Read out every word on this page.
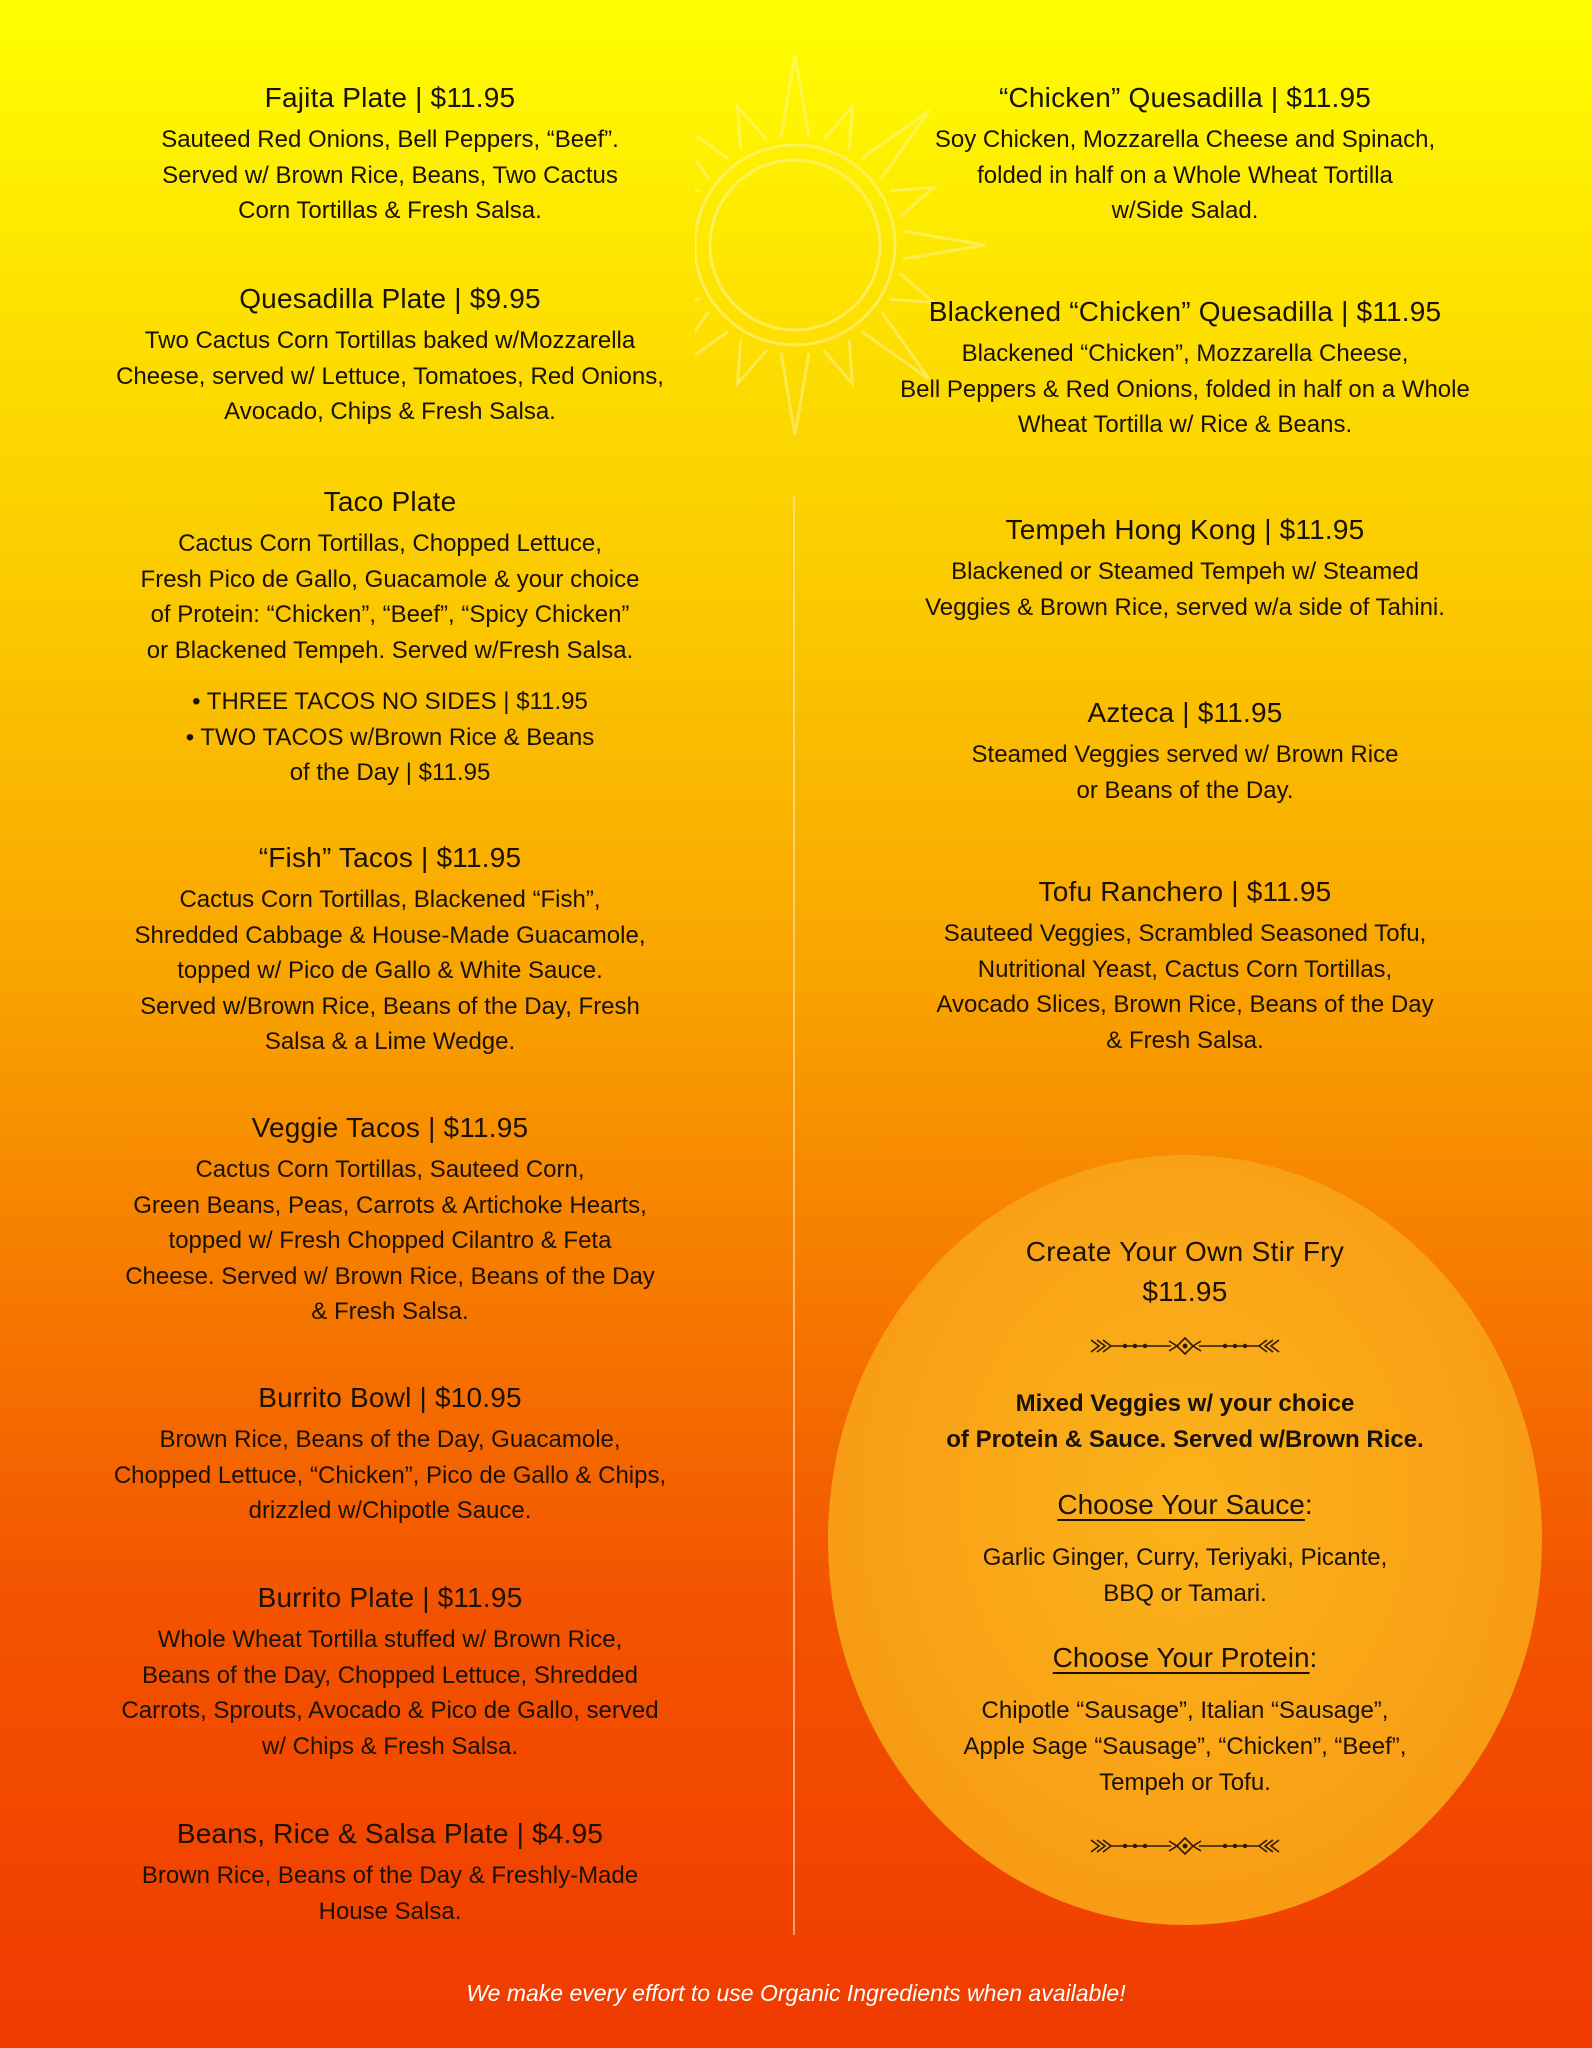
Fajita Plate | $11.95
Sauteed Red Onions, Bell Peppers, “Beef”.
Served w/ Brown Rice, Beans, Two Cactus
Corn Tortillas & Fresh Salsa.
Quesadilla Plate | $9.95
Two Cactus Corn Tortillas baked w/Mozzarella
Cheese, served w/ Lettuce, Tomatoes, Red Onions,
Avocado, Chips & Fresh Salsa.
Taco Plate
Cactus Corn Tortillas, Chopped Lettuce,
Fresh Pico de Gallo, Guacamole & your choice
of Protein: “Chicken”, “Beef”, “Spicy Chicken”
or Blackened Tempeh. Served w/Fresh Salsa.
• THREE TACOS NO SIDES | $11.95
• TWO TACOS w/Brown Rice & Beans
of the Day | $11.95
“Fish” Tacos | $11.95
Cactus Corn Tortillas, Blackened “Fish”,
Shredded Cabbage & House-Made Guacamole,
topped w/ Pico de Gallo & White Sauce.
Served w/Brown Rice, Beans of the Day, Fresh
Salsa & a Lime Wedge.
Veggie Tacos | $11.95
Cactus Corn Tortillas, Sauteed Corn,
Green Beans, Peas, Carrots & Artichoke Hearts,
topped w/ Fresh Chopped Cilantro & Feta
Cheese. Served w/ Brown Rice, Beans of the Day
& Fresh Salsa.
Burrito Bowl | $10.95
Brown Rice, Beans of the Day, Guacamole,
Chopped Lettuce, “Chicken”, Pico de Gallo & Chips,
drizzled w/Chipotle Sauce.
Burrito Plate | $11.95
Whole Wheat Tortilla stuffed w/ Brown Rice,
Beans of the Day, Chopped Lettuce, Shredded
Carrots, Sprouts, Avocado & Pico de Gallo, served
w/ Chips & Fresh Salsa.
Beans, Rice & Salsa Plate | $4.95
Brown Rice, Beans of the Day & Freshly-Made
House Salsa.
“Chicken” Quesadilla | $11.95
Soy Chicken, Mozzarella Cheese and Spinach,
folded in half on a Whole Wheat Tortilla
w/Side Salad.
Blackened “Chicken” Quesadilla | $11.95
Blackened “Chicken”, Mozzarella Cheese,
Bell Peppers & Red Onions, folded in half on a Whole
Wheat Tortilla w/ Rice & Beans.
Tempeh Hong Kong | $11.95
Blackened or Steamed Tempeh w/ Steamed
Veggies & Brown Rice, served w/a side of Tahini.
Azteca | $11.95
Steamed Veggies served w/ Brown Rice
or Beans of the Day.
Tofu Ranchero | $11.95
Sauteed Veggies, Scrambled Seasoned Tofu,
Nutritional Yeast, Cactus Corn Tortillas,
Avocado Slices, Brown Rice, Beans of the Day
& Fresh Salsa.
Create Your Own Stir Fry
$11.95
Mixed Veggies w/ your choice
of Protein & Sauce. Served w/Brown Rice.
Choose Your Sauce:
Garlic Ginger, Curry, Teriyaki, Picante,
BBQ or Tamari.
Choose Your Protein:
Chipotle “Sausage”, Italian “Sausage”,
Apple Sage “Sausage”, “Chicken”, “Beef”,
Tempeh or Tofu.
We make every effort to use Organic Ingredients when available!
